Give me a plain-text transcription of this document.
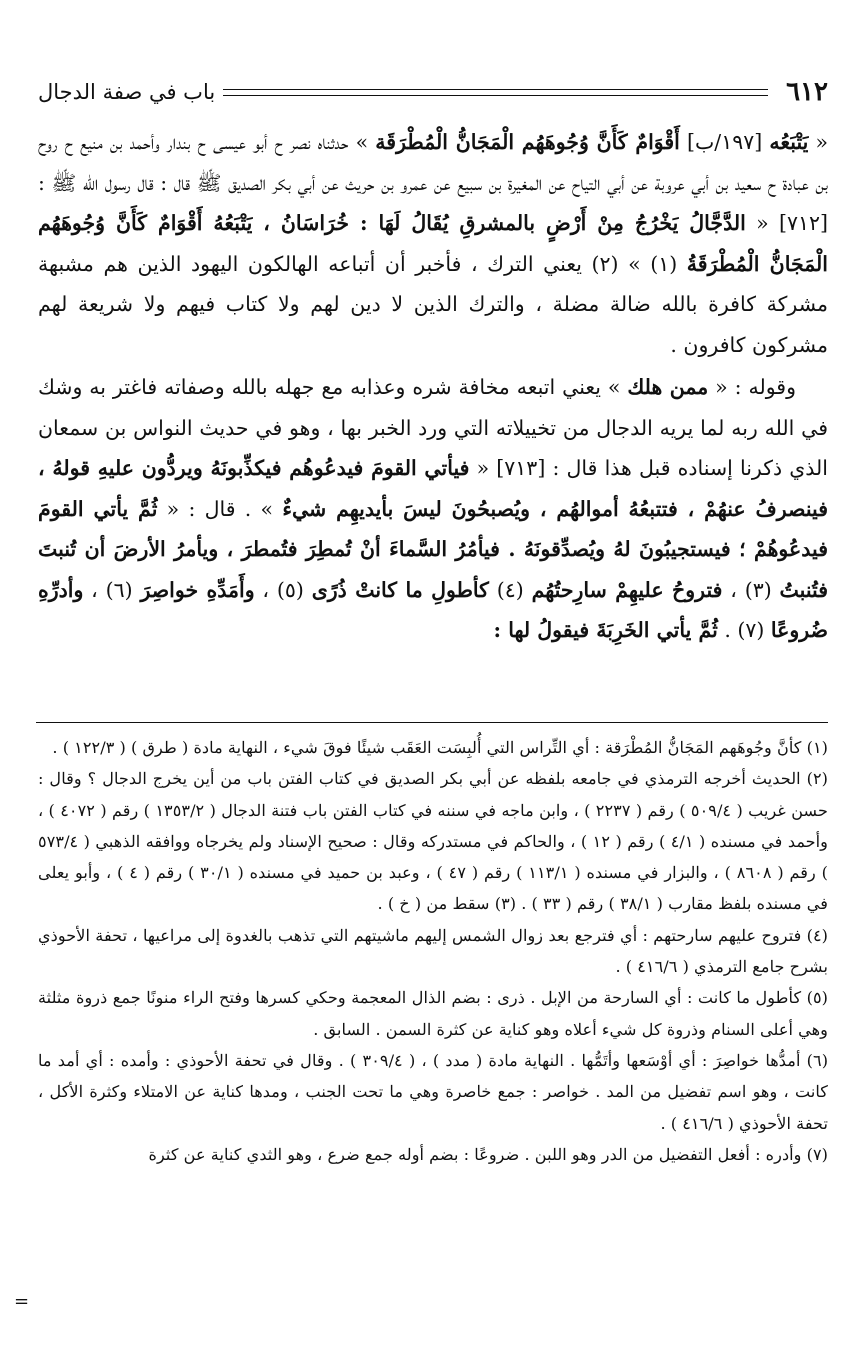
٦١٢
باب في صفة الدجال

« يَتْبَعُه [١٩٧/ب] أَقْوَامٌ كَأَنَّ وُجُوهَهُم الْمَجَانُّ الْمُطْرَقَة » حدثناه نصر ح أبو عيسى ح بندار وأحمد بن منيع ح روح بن عبادة ح سعيد بن أبي عروبة عن أبي التياح عن المغيرة بن سبيع عن عمرو بن حريث عن أبي بكر الصديق ﷺ قال : قال رسول الله ﷺ : [٧١٢] « الدَّجَّالُ يَخْرُجُ مِنْ أَرْضٍ بالمشرقِ يُقَالُ لَهَا : خُرَاسَانُ ، يَتْبَعُهُ أَقْوَامٌ كَأَنَّ وُجُوهَهُم الْمَجَانُّ الْمُطْرَقَةُ (١) » (٢) يعني الترك ، فأخبر أن أتباعه الهالكون اليهود الذين هم مشبهة مشركة كافرة بالله ضالة مضلة ، والترك الذين لا دين لهم ولا كتاب فيهم ولا شريعة لهم مشركون كافرون .

وقوله : « ممن هلك » يعني اتبعه مخافة شره وعذابه مع جهله بالله وصفاته فاغتر به وشك في الله ربه لما يريه الدجال من تخييلاته التي ورد الخبر بها ، وهو في حديث النواس بن سمعان الذي ذكرنا إسناده قبل هذا قال : [٧١٣] « فيأتي القومَ فيدعُوهُم فيكذِّبونَهُ ويردُّون عليهِ قولهُ ، فينصرفُ عنهُمْ ، فتتبعُهُ أموالهُم ، ويُصبحُونَ ليسَ بأيديهِم شيءٌ » . قال : « ثُمَّ يأتي القومَ فيدعُوهُمْ ؛ فيستجيبُونَ لهُ ويُصدِّقونَهُ . فيأمُرُ السَّماءَ أنْ تُمطِرَ فتُمطرَ ، ويأمرُ الأرضَ أن تُنبتَ فتُنبتُ (٣) ، فتروحُ عليهِمْ سارِحتُهُم (٤) كأطولِ ما كانتْ ذُرًى (٥) ، وأَمَدِّهِ خواصِرَ (٦) ، وأدرِّهِ ضُروعًا (٧) . ثُمَّ يأتي الخَرِبَةَ فيقولُ لها :

(١) كأنَّ وجُوهَهم المَجَانُّ المُطْرَقة : أي التِّراس التي أُلبِسَت العَقَب شيئًا فوقَ شيء ، النهاية مادة ( طرق ) ( ١٢٢/٣ ) .

(٢) الحديث أخرجه الترمذي في جامعه بلفظه عن أبي بكر الصديق في كتاب الفتن باب من أين يخرج الدجال ؟ وقال : حسن غريب ( ٥٠٩/٤ ) رقم ( ٢٢٣٧ ) ، وابن ماجه في سننه في كتاب الفتن باب فتنة الدجال ( ١٣٥٣/٢ ) رقم ( ٤٠٧٢ ) ، وأحمد في مسنده ( ٤/١ ) رقم ( ١٢ ) ، والحاكم في مستدركه وقال : صحيح الإسناد ولم يخرجاه ووافقه الذهبي ( ٥٧٣/٤ ) رقم ( ٨٦٠٨ ) ، والبزار في مسنده ( ١١٣/١ ) رقم ( ٤٧ ) ، وعبد بن حميد في مسنده ( ٣٠/١ ) رقم ( ٤ ) ، وأبو يعلى في مسنده بلفظ مقارب ( ٣٨/١ ) رقم ( ٣٣ ) . (٣) سقط من ( خ ) .

(٤) فتروح عليهم سارحتهم : أي فترجع بعد زوال الشمس إليهم ماشيتهم التي تذهب بالغدوة إلى مراعيها ، تحفة الأحوذي بشرح جامع الترمذي ( ٤١٦/٦ ) .

(٥) كأطول ما كانت : أي السارحة من الإبل . ذرى : بضم الذال المعجمة وحكي كسرها وفتح الراء منونًا جمع ذروة مثلثة وهي أعلى السنام وذروة كل شيء أعلاه وهو كناية عن كثرة السمن . السابق .

(٦) أمدُّها خواصِرَ : أي أوْسَعها وأتَمُّها . النهاية مادة ( مدد ) ، ( ٣٠٩/٤ ) . وقال في تحفة الأحوذي : وأمده : أي أمد ما كانت ، وهو اسم تفضيل من المد . خواصر : جمع خاصرة وهي ما تحت الجنب ، ومدها كناية عن الامتلاء وكثرة الأكل ، تحفة الأحوذي ( ٤١٦/٦ ) .

(٧) وأدره : أفعل التفضيل من الدر وهو اللبن . ضروعًا : بضم أوله جمع ضرع ، وهو الثدي كناية عن كثرة

=
